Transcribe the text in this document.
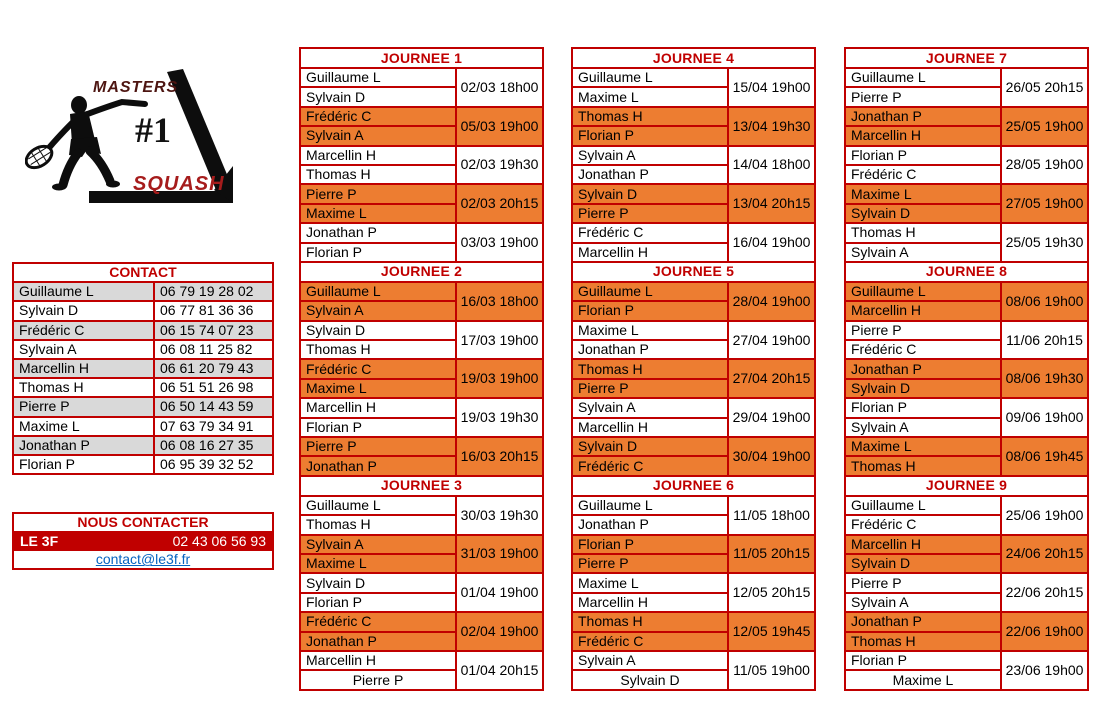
MASTERS
#1
SQUASH
CONTACT	
Guillaume L	06 79 19 28 02
Sylvain D	06 77 81 36 36
Frédéric C	06 15 74 07 23
Sylvain A	06 08 11 25 82
Marcellin H	06 61 20 79 43
Thomas H	06 51 51 26 98
Pierre P	06 50 14 43 59
Maxime L	07 63 79 34 91
Jonathan P	06 08 16 27 35
Florian P	06 95 39 32 52
NOUS CONTACTER
LE 3F	02 43 06 56 93
contact@le3f.fr
JOURNEE 1	
Guillaume L	02/03 18h00
Sylvain D	
Frédéric C	05/03 19h00
Sylvain A	
Marcellin H	02/03 19h30
Thomas H	
Pierre P	02/03 20h15
Maxime L	
Jonathan P	03/03 19h00
Florian P	
JOURNEE 2	
Guillaume L	16/03 18h00
Sylvain A	
Sylvain D	17/03 19h00
Thomas H	
Frédéric C	19/03 19h00
Maxime L	
Marcellin H	19/03 19h30
Florian P	
Pierre P	16/03 20h15
Jonathan P	
JOURNEE 3	
Guillaume L	30/03 19h30
Thomas H	
Sylvain A	31/03 19h00
Maxime L	
Sylvain D	01/04 19h00
Florian P	
Frédéric C	02/04 19h00
Jonathan P	
Marcellin H	01/04 20h15
Pierre P	
JOURNEE 4	
Guillaume L	15/04 19h00
Maxime L	
Thomas H	13/04 19h30
Florian P	
Sylvain A	14/04 18h00
Jonathan P	
Sylvain D	13/04 20h15
Pierre P	
Frédéric C	16/04 19h00
Marcellin H	
JOURNEE 5	
Guillaume L	28/04 19h00
Florian P	
Maxime L	27/04 19h00
Jonathan P	
Thomas H	27/04 20h15
Pierre P	
Sylvain A	29/04 19h00
Marcellin H	
Sylvain D	30/04 19h00
Frédéric C	
JOURNEE 6	
Guillaume L	11/05 18h00
Jonathan P	
Florian P	11/05 20h15
Pierre P	
Maxime L	12/05 20h15
Marcellin H	
Thomas H	12/05 19h45
Frédéric C	
Sylvain A	11/05 19h00
Sylvain D	
JOURNEE 7	
Guillaume L	26/05 20h15
Pierre P	
Jonathan P	25/05 19h00
Marcellin H	
Florian P	28/05 19h00
Frédéric C	
Maxime L	27/05 19h00
Sylvain D	
Thomas H	25/05 19h30
Sylvain A	
JOURNEE 8	
Guillaume L	08/06 19h00
Marcellin H	
Pierre P	11/06 20h15
Frédéric C	
Jonathan P	08/06 19h30
Sylvain D	
Florian P	09/06 19h00
Sylvain A	
Maxime L	08/06 19h45
Thomas H	
JOURNEE 9	
Guillaume L	25/06 19h00
Frédéric C	
Marcellin H	24/06 20h15
Sylvain D	
Pierre P	22/06 20h15
Sylvain A	
Jonathan P	22/06 19h00
Thomas H	
Florian P	23/06 19h00
Maxime L	
